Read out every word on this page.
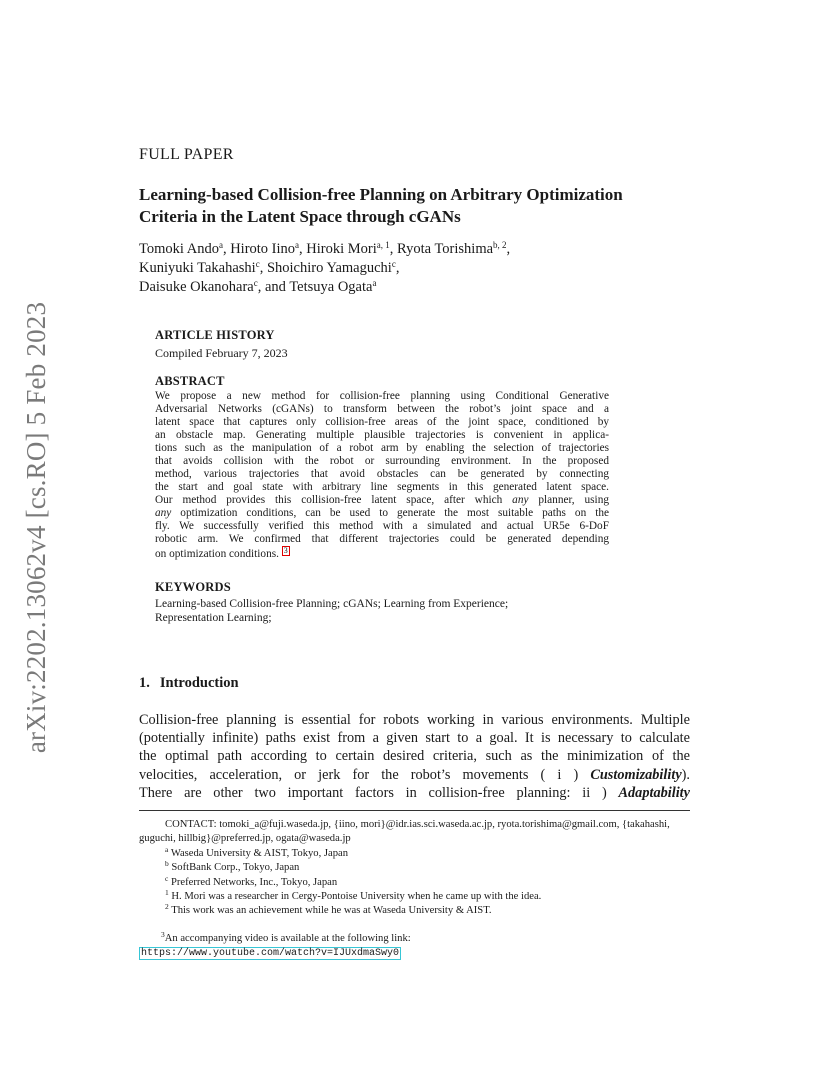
arXiv:2202.13062v4 [cs.RO] 5 Feb 2023
FULL PAPER
Learning-based Collision-free Planning on Arbitrary Optimization
Criteria in the Latent Space through cGANs
Tomoki Ando$^a$, Hiroto Iino$^a$, Hiroki Mori$^{a, 1}$, Ryota Torishima$^{b, 2}$,
Kuniyuki Takahashi$^c$, Shoichiro Yamaguchi$^c$,
Daisuke Okanohara$^c$, and Tetsuya Ogata$^a$
ARTICLE HISTORY
Compiled February 7, 2023
ABSTRACT
We propose a new method for collision-free planning using Conditional Generative
Adversarial Networks (cGANs) to transform between the robot’s joint space and a
latent space that captures only collision-free areas of the joint space, conditioned by
an obstacle map. Generating multiple plausible trajectories is convenient in applica-
tions such as the manipulation of a robot arm by enabling the selection of trajectories
that avoids collision with the robot or surrounding environment. In the proposed
method, various trajectories that avoid obstacles can be generated by connecting
the start and goal state with arbitrary line segments in this generated latent space.
Our method provides this collision-free latent space, after which any planner, using
any optimization conditions, can be used to generate the most suitable paths on the
fly. We successfully verified this method with a simulated and actual UR5e 6-DoF
robotic arm. We confirmed that different trajectories could be generated depending
on optimization conditions. 3
KEYWORDS
Learning-based Collision-free Planning; cGANs; Learning from Experience;
Representation Learning;
1. Introduction
Collision-free planning is essential for robots working in various environments. Multiple
(potentially infinite) paths exist from a given start to a goal. It is necessary to calculate
the optimal path according to certain desired criteria, such as the minimization of the
velocities, acceleration, or jerk for the robot’s movements ( i ) Customizability).
There are other two important factors in collision-free planning: ii ) Adaptability
CONTACT: tomoki_a@fuji.waseda.jp, {iino, mori}@idr.ias.sci.waseda.ac.jp, ryota.torishima@gmail.com, {takahashi, guguchi, hillbig}@preferred.jp, ogata@waseda.jp
$^a$ Waseda University & AIST, Tokyo, Japan
$^b$ SoftBank Corp., Tokyo, Japan
$^c$ Preferred Networks, Inc., Tokyo, Japan
$^1$ H. Mori was a researcher in Cergy-Pontoise University when he came up with the idea.
$^2$ This work was an achievement while he was at Waseda University & AIST.
$^3$An accompanying video is available at the following link:
https://www.youtube.com/watch?v=IJUxdmaSwy0
